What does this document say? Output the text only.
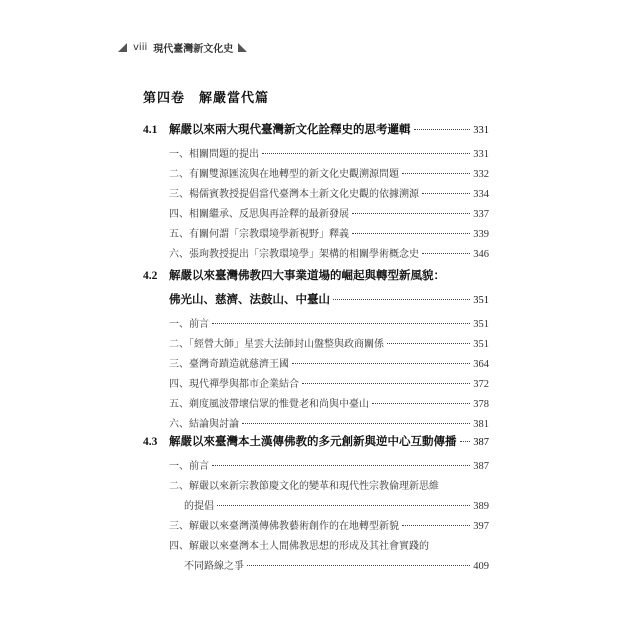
viii 現代臺灣新文化史
第四卷 解嚴當代篇
4.1	解嚴以來兩大現代臺灣新文化詮釋史的思考邏輯	331
一、相關問題的提出	331
二、有關雙源匯流與在地轉型的新文化史觀溯源問題	332
三、楊儒賓教授提倡當代臺灣本土新文化史觀的依據溯源	334
四、相關繼承、反思與再詮釋的最新發展	337
五、有關何謂「宗教環境學新視野」釋義	339
六、張珣教授提出「宗教環境學」架構的相關學術概念史	346
4.2	解嚴以來臺灣佛教四大事業道場的崛起與轉型新風貌：
佛光山、慈濟、法鼓山、中臺山	351
一、前言	351
二、「經營大師」星雲大法師封山盤整與政商關係	351
三、臺灣奇蹟造就慈濟王國	364
四、現代禪學與都市企業結合	372
五、剃度風波帶壞信眾的惟覺老和尚與中臺山	378
六、結論與討論	381
4.3	解嚴以來臺灣本土漢傳佛教的多元創新與逆中心互動傳播 387
一、前言	387
二、解嚴以來新宗教節慶文化的變革和現代性宗教倫理新思維
的提倡	389
三、解嚴以來臺灣漢傳佛教藝術創作的在地轉型新貌	397
四、解嚴以來臺灣本土人間佛教思想的形成及其社會實踐的
不同路線之爭	409
